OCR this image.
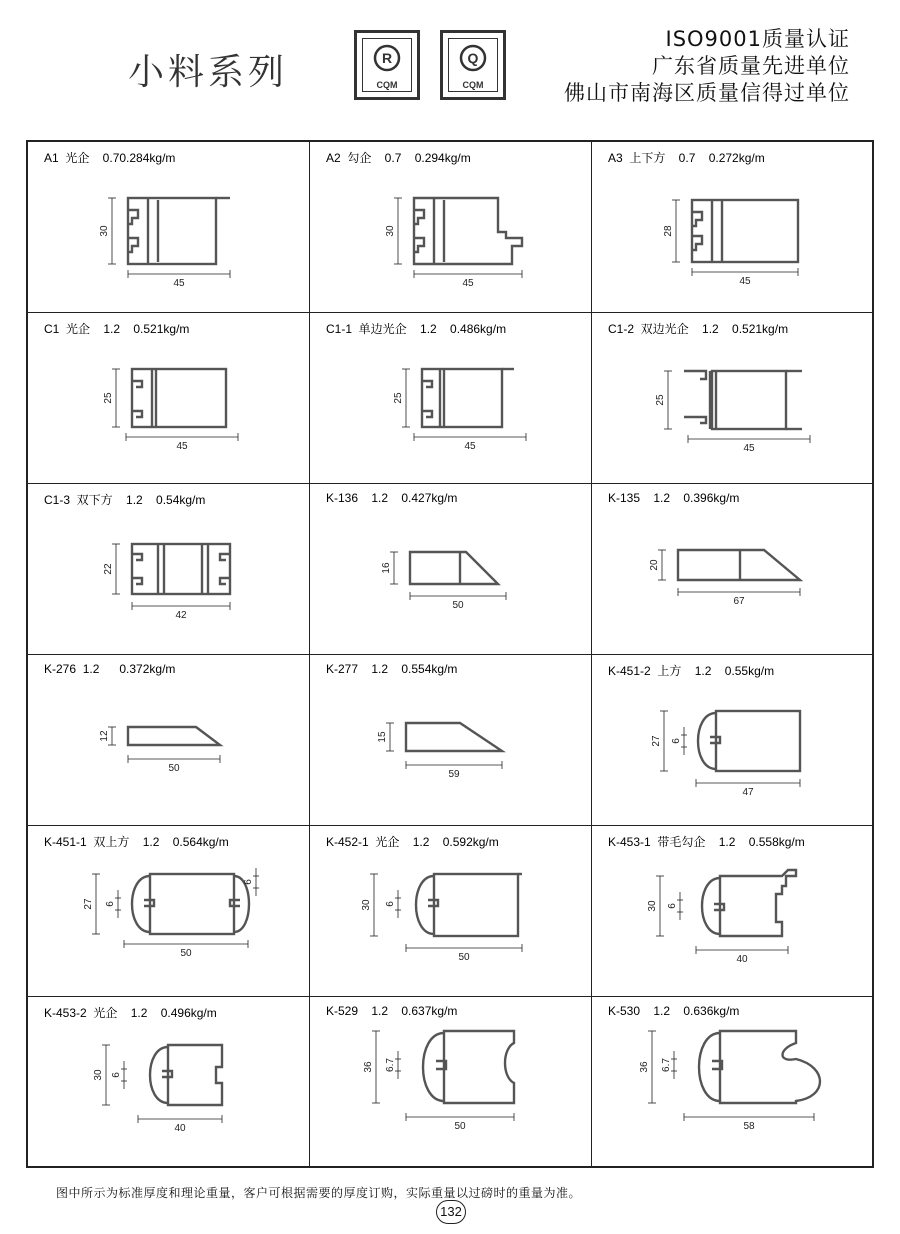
小料系列	R
CQM
Q
CQM
ISO9001质量认证
广东省质量先进单位
佛山市南海区质量信得过单位
A1  光企    0.70.284kg/m
30
45
A2  勾企    0.7    0.294kg/m
30
45
A3  上下方    0.7    0.272kg/m
28
45
C1  光企    1.2    0.521kg/m
25
45
C1-1  单边光企    1.2    0.486kg/m
25
45
C1-2  双边光企    1.2    0.521kg/m
25
45
C1-3  双下方    1.2    0.54kg/m
22
42
K-136    1.2    0.427kg/m
16
50
K-135    1.2    0.396kg/m
20
67
K-276  1.2      0.372kg/m
12
50
K-277    1.2    0.554kg/m
15
59
K-451-2  上方    1.2    0.55kg/m
27 6
47
K-451-1  双上方    1.2    0.564kg/m
27 6
6
50
K-452-1  光企    1.2    0.592kg/m
30 6
50
K-453-1  带毛勾企    1.2    0.558kg/m
30 6
40
K-453-2  光企    1.2    0.496kg/m
30 6
40
K-529    1.2    0.637kg/m
36 6.7
50
K-530    1.2    0.636kg/m
36 6.7
58
图中所示为标准厚度和理论重量，客户可根据需要的厚度订购，实际重量以过磅时的重量为准。
132
